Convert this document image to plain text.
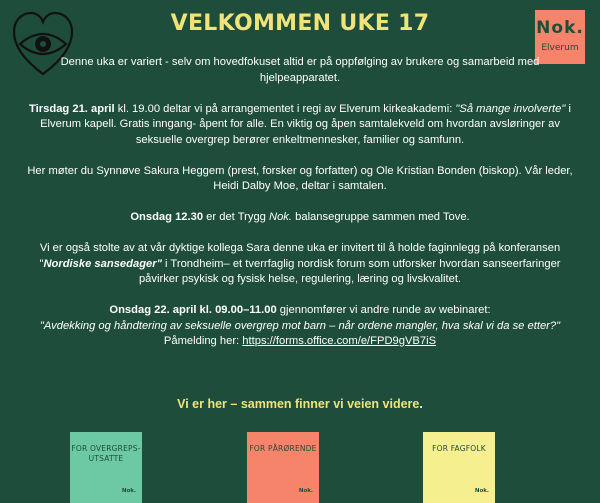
VELKOMMEN UKE 17	Nok.
Elverum

Denne uka er variert - selv om hovedfokuset altid er på oppfølging av brukere og samarbeid med hjelpeapparatet.

Tirsdag 21. april kl. 19.00 deltar vi på arrangementet i regi av Elverum kirkeakademi: "Så mange involverte" i Elverum kapell. Gratis inngang- åpent for alle. En viktig og åpen samtalekveld om hvordan avsløringer av seksuelle overgrep berører enkeltmennesker, familier og samfunn.

Her møter du Synnøve Sakura Heggem (prest, forsker og forfatter) og Ole Kristian Bonden (biskop). Vår leder, Heidi Dalby Moe, deltar i samtalen.

Onsdag 12.30 er det Trygg Nok. balansegruppe sammen med Tove.

Vi er også stolte av at vår dyktige kollega Sara denne uka er invitert til å holde faginnlegg på konferansen "Nordiske sansedager" i Trondheim– et tverrfaglig nordisk forum som utforsker hvordan sanseerfaringer påvirker psykisk og fysisk helse, regulering, læring og livskvalitet.

Onsdag 22. april kl. 09.00–11.00 gjennomfører vi andre runde av webinaret:
"Avdekking og håndtering av seksuelle overgrep mot barn – når ordene mangler, hva skal vi da se etter?" Påmelding her: https://forms.office.com/e/FPD9gVB7iS

Vi er her – sammen finner vi veien videre.
FOR OVERGREPS-UTSATTE
Nok.
FOR PÅRØRENDE
Nok.
FOR FAGFOLK
Nok.
